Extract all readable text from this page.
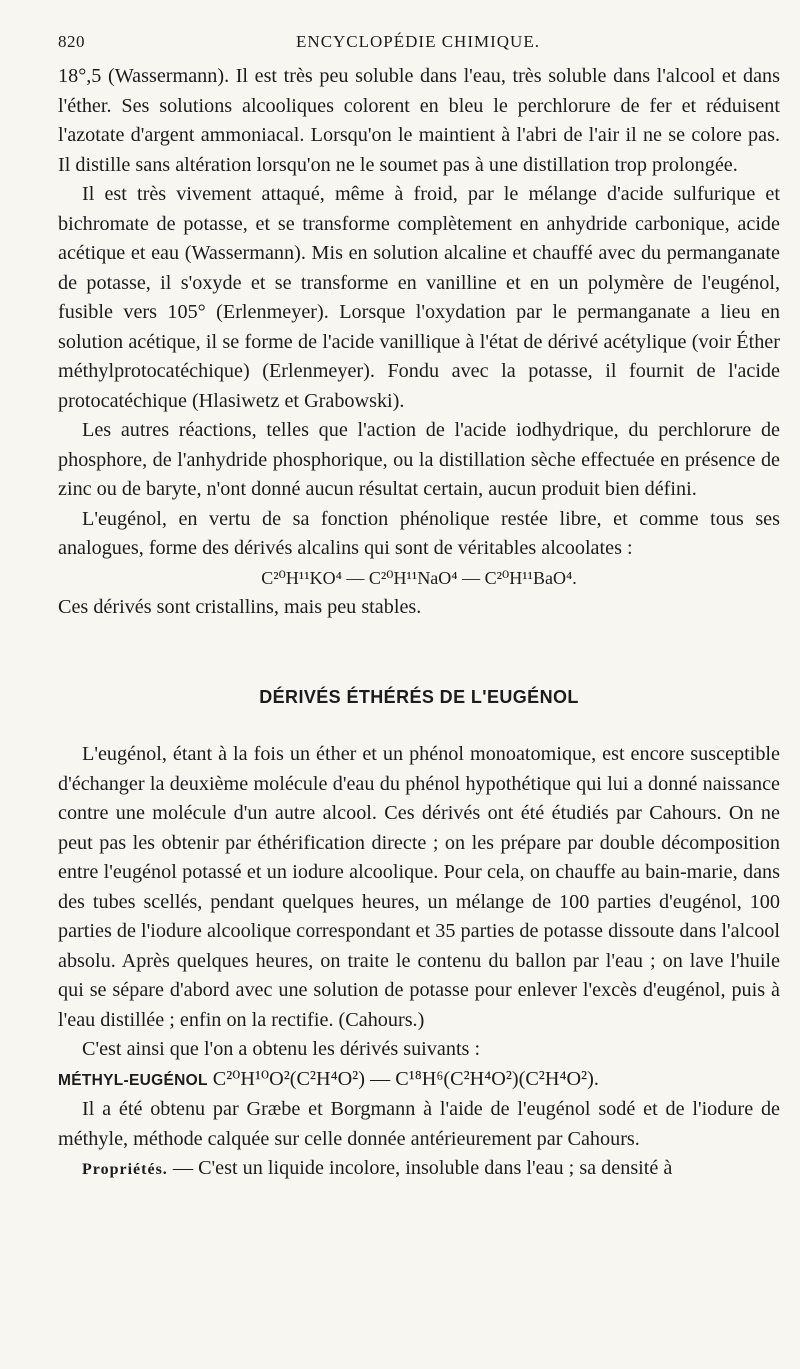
820	ENCYCLOPÉDIE CHIMIQUE.

18°,5 (Wassermann). Il est très peu soluble dans l'eau, très soluble dans l'alcool et dans l'éther. Ses solutions alcooliques colorent en bleu le perchlorure de fer et réduisent l'azotate d'argent ammoniacal. Lorsqu'on le maintient à l'abri de l'air il ne se colore pas. Il distille sans altération lorsqu'on ne le soumet pas à une distillation trop prolongée.

Il est très vivement attaqué, même à froid, par le mélange d'acide sulfurique et bichromate de potasse, et se transforme complètement en anhydride carbonique, acide acétique et eau (Wassermann). Mis en solution alcaline et chauffé avec du permanganate de potasse, il s'oxyde et se transforme en vanilline et en un polymère de l'eugénol, fusible vers 105° (Erlenmeyer). Lorsque l'oxydation par le permanganate a lieu en solution acétique, il se forme de l'acide vanillique à l'état de dérivé acétylique (voir Éther méthylprotocatéchique) (Erlenmeyer). Fondu avec la potasse, il fournit de l'acide protocatéchique (Hlasiwetz et Grabowski).

Les autres réactions, telles que l'action de l'acide iodhydrique, du perchlorure de phosphore, de l'anhydride phosphorique, ou la distillation sèche effectuée en présence de zinc ou de baryte, n'ont donné aucun résultat certain, aucun produit bien défini.

L'eugénol, en vertu de sa fonction phénolique restée libre, et comme tous ses analogues, forme des dérivés alcalins qui sont de véritables alcoolates :

C²⁰H¹¹KO⁴ — C²⁰H¹¹NaO⁴ — C²⁰H¹¹BaO⁴.

Ces dérivés sont cristallins, mais peu stables.

DÉRIVÉS ÉTHÉRÉS DE L'EUGÉNOL

L'eugénol, étant à la fois un éther et un phénol monoatomique, est encore susceptible d'échanger la deuxième molécule d'eau du phénol hypothétique qui lui a donné naissance contre une molécule d'un autre alcool. Ces dérivés ont été étudiés par Cahours. On ne peut pas les obtenir par éthérification directe ; on les prépare par double décomposition entre l'eugénol potassé et un iodure alcoolique. Pour cela, on chauffe au bain-marie, dans des tubes scellés, pendant quelques heures, un mélange de 100 parties d'eugénol, 100 parties de l'iodure alcoolique correspondant et 35 parties de potasse dissoute dans l'alcool absolu. Après quelques heures, on traite le contenu du ballon par l'eau ; on lave l'huile qui se sépare d'abord avec une solution de potasse pour enlever l'excès d'eugénol, puis à l'eau distillée ; enfin on la rectifie. (Cahours.)

C'est ainsi que l'on a obtenu les dérivés suivants :

MÉTHYL-EUGÉNOL C²⁰H¹⁰O²(C²H⁴O²) — C¹⁸H⁶(C²H⁴O²)(C²H⁴O²).

Il a été obtenu par Græbe et Borgmann à l'aide de l'eugénol sodé et de l'iodure de méthyle, méthode calquée sur celle donnée antérieurement par Cahours.

Propriétés. — C'est un liquide incolore, insoluble dans l'eau ; sa densité à
